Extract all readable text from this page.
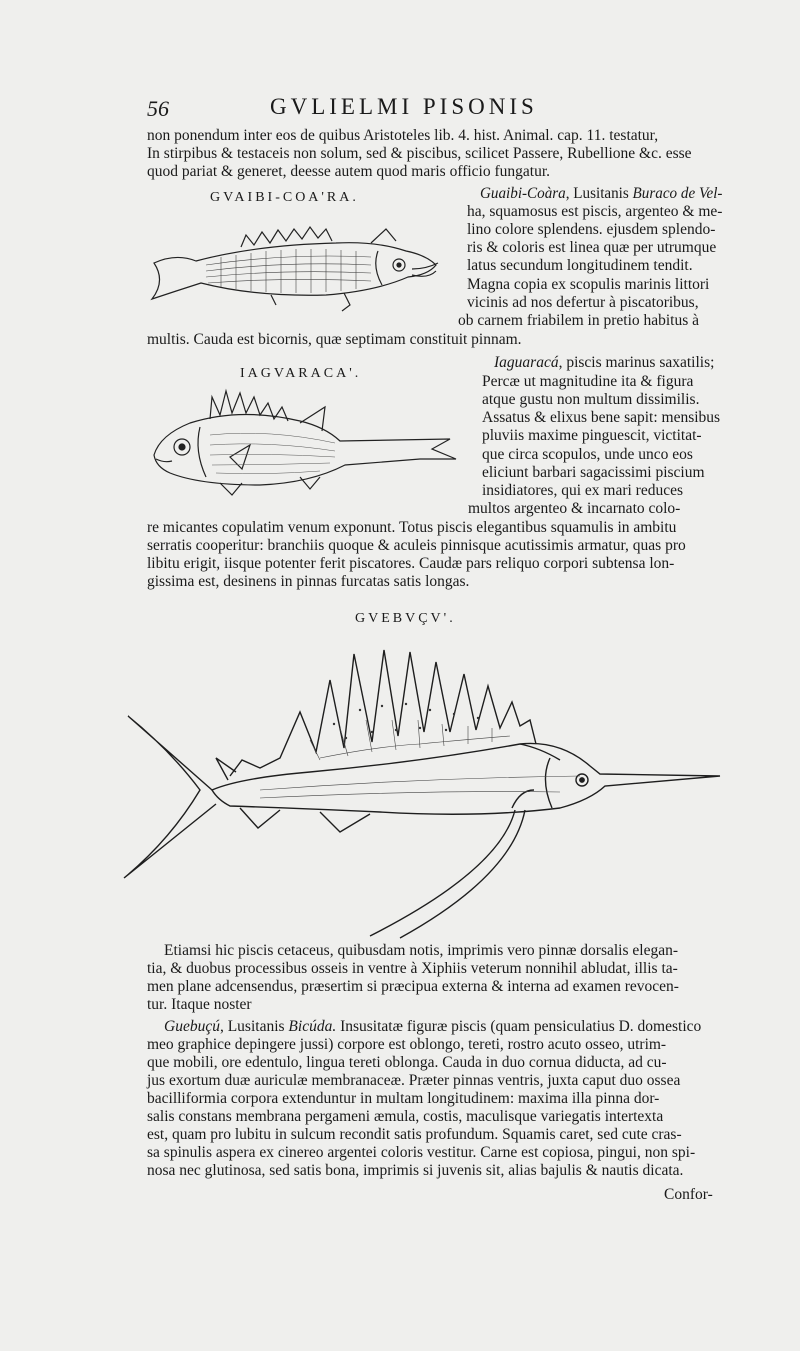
56	GVLIELMI PISONIS
non ponendum inter eos de quibus Aristoteles lib. 4. hist. Animal. cap. 11. testatur,
In stirpibus & testaceis non solum, sed & piscibus, scilicet Passere, Rubellione &c. esse
quod pariat & generet, deesse autem quod maris officio fungatur.
GVAIBI-COA'RA.	Guaibi-Coàra, Lusitanis Buraco de Vel-
ha, squamosus est piscis, argenteo & me-
lino colore splendens. ejusdem splendo-
ris & coloris est linea quæ per utrumque
latus secundum longitudinem tendit.
Magna copia ex scopulis marinis littori
vicinis ad nos defertur à piscatoribus,
ob carnem friabilem in pretio habitus à
multis. Cauda est bicornis, quæ septimam constituit pinnam.
IAGVARACA'.
Iaguaracá, piscis marinus saxatilis;
Percæ ut magnitudine ita & figura
atque gustu non multum dissimilis.
Assatus & elixus bene sapit: mensibus
pluviis maxime pinguescit, victitat-
que circa scopulos, unde unco eos
eliciunt barbari sagacissimi piscium
insidiatores, qui ex mari reduces
multos argenteo & incarnato colo-
re micantes copulatim venum exponunt. Totus piscis elegantibus squamulis in ambitu
serratis cooperitur: branchiis quoque & aculeis pinnisque acutissimis armatur, quas pro
libitu erigit, iisque potenter ferit piscatores. Caudæ pars reliquo corpori subtensa lon-
gissima est, desinens in pinnas furcatas satis longas.
GVEBVÇV'.
Etiamsi hic piscis cetaceus, quibusdam notis, imprimis vero pinnæ dorsalis elegan-
tia, & duobus processibus osseis in ventre à Xiphiis veterum nonnihil abludat, illis ta-
men plane adcensendus, præsertim si præcipua externa & interna ad examen revocen-
tur. Itaque noster
Guebuçú, Lusitanis Bicúda. Insusitatæ figuræ piscis (quam pensiculatius D. domestico
meo graphice depingere jussi) corpore est oblongo, tereti, rostro acuto osseo, utrim-
que mobili, ore edentulo, lingua tereti oblonga. Cauda in duo cornua diducta, ad cu-
jus exortum duæ auriculæ membranaceæ. Præter pinnas ventris, juxta caput duo ossea
bacilliformia corpora extenduntur in multam longitudinem: maxima illa pinna dor-
salis constans membrana pergameni æmula, costis, maculisque variegatis intertexta
est, quam pro lubitu in sulcum recondit satis profundum. Squamis caret, sed cute cras-
sa spinulis aspera ex cinereo argentei coloris vestitur. Carne est copiosa, pingui, non spi-
nosa nec glutinosa, sed satis bona, imprimis si juvenis sit, alias bajulis & nautis dicata.
Confor-
